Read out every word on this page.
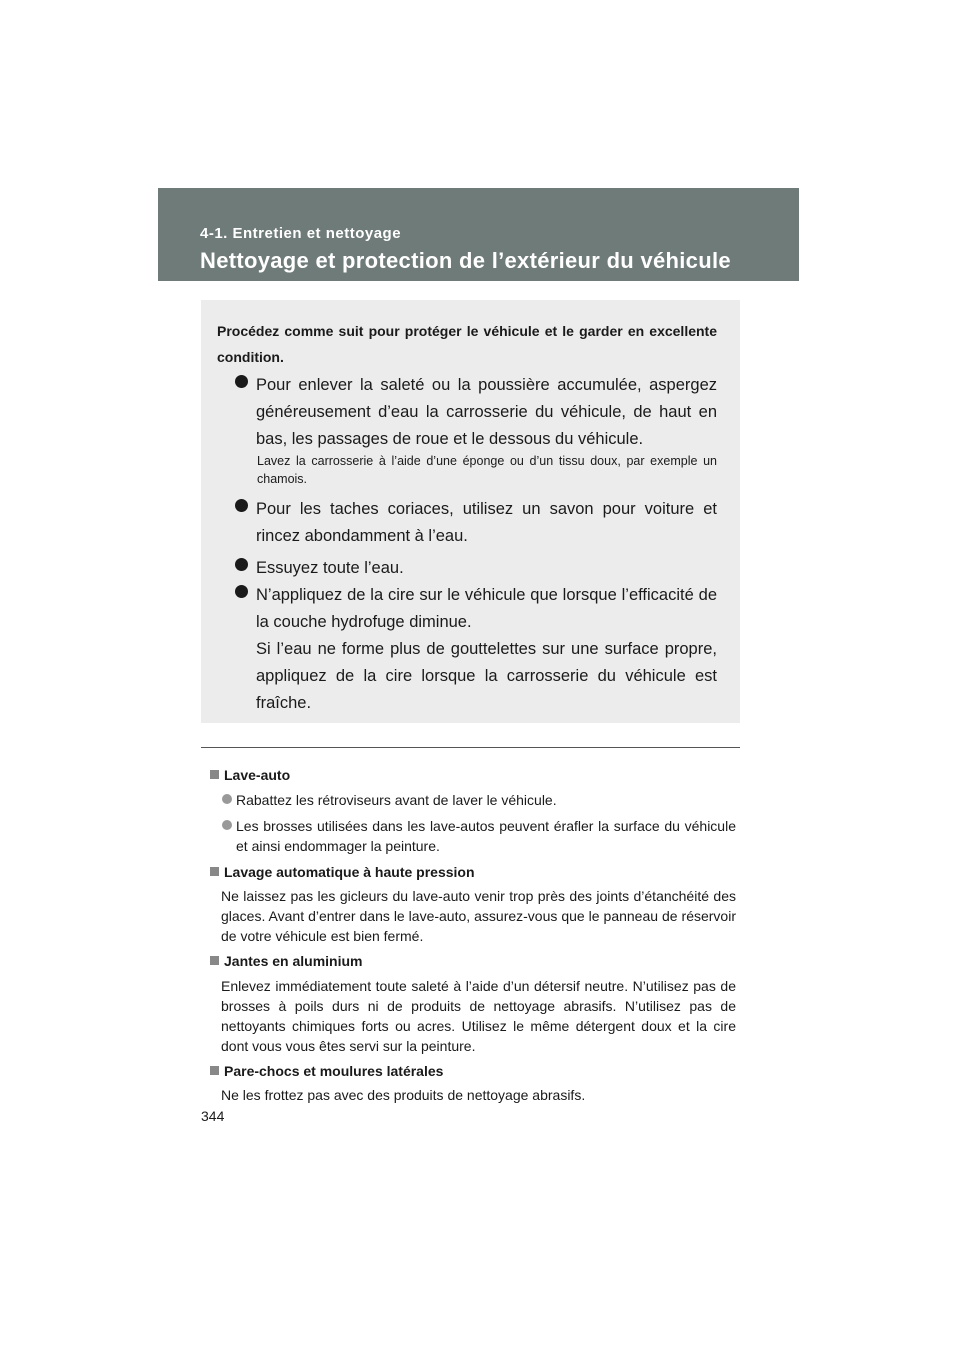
4-1. Entretien et nettoyage
Nettoyage et protection de l’extérieur du véhicule

Procédez comme suit pour protéger le véhicule et le garder en excellente condition.

Pour enlever la saleté ou la poussière accumulée, aspergez généreusement d’eau la carrosserie du véhicule, de haut en bas, les passages de roue et le dessous du véhicule.

Lavez la carrosserie à l’aide d’une éponge ou d’un tissu doux, par exemple un chamois.

Pour les taches coriaces, utilisez un savon pour voiture et rincez abondamment à l’eau.

Essuyez toute l’eau.

N’appliquez de la cire sur le véhicule que lorsque l’efficacité de la couche hydrofuge diminue.

Si l’eau ne forme plus de gouttelettes sur une surface propre, appliquez de la cire lorsque la carrosserie du véhicule est fraîche.

Lave-auto

Rabattez les rétroviseurs avant de laver le véhicule.

Les brosses utilisées dans les lave-autos peuvent érafler la surface du véhicule et ainsi endommager la peinture.

Lavage automatique à haute pression

Ne laissez pas les gicleurs du lave-auto venir trop près des joints d’étanchéité des glaces. Avant d’entrer dans le lave-auto, assurez-vous que le panneau de réservoir de votre véhicule est bien fermé.

Jantes en aluminium

Enlevez immédiatement toute saleté à l’aide d’un détersif neutre. N’utilisez pas de brosses à poils durs ni de produits de nettoyage abrasifs. N’utilisez pas de nettoyants chimiques forts ou acres. Utilisez le même détergent doux et la cire dont vous vous êtes servi sur la peinture.

Pare-chocs et moulures latérales

Ne les frottez pas avec des produits de nettoyage abrasifs.

344
